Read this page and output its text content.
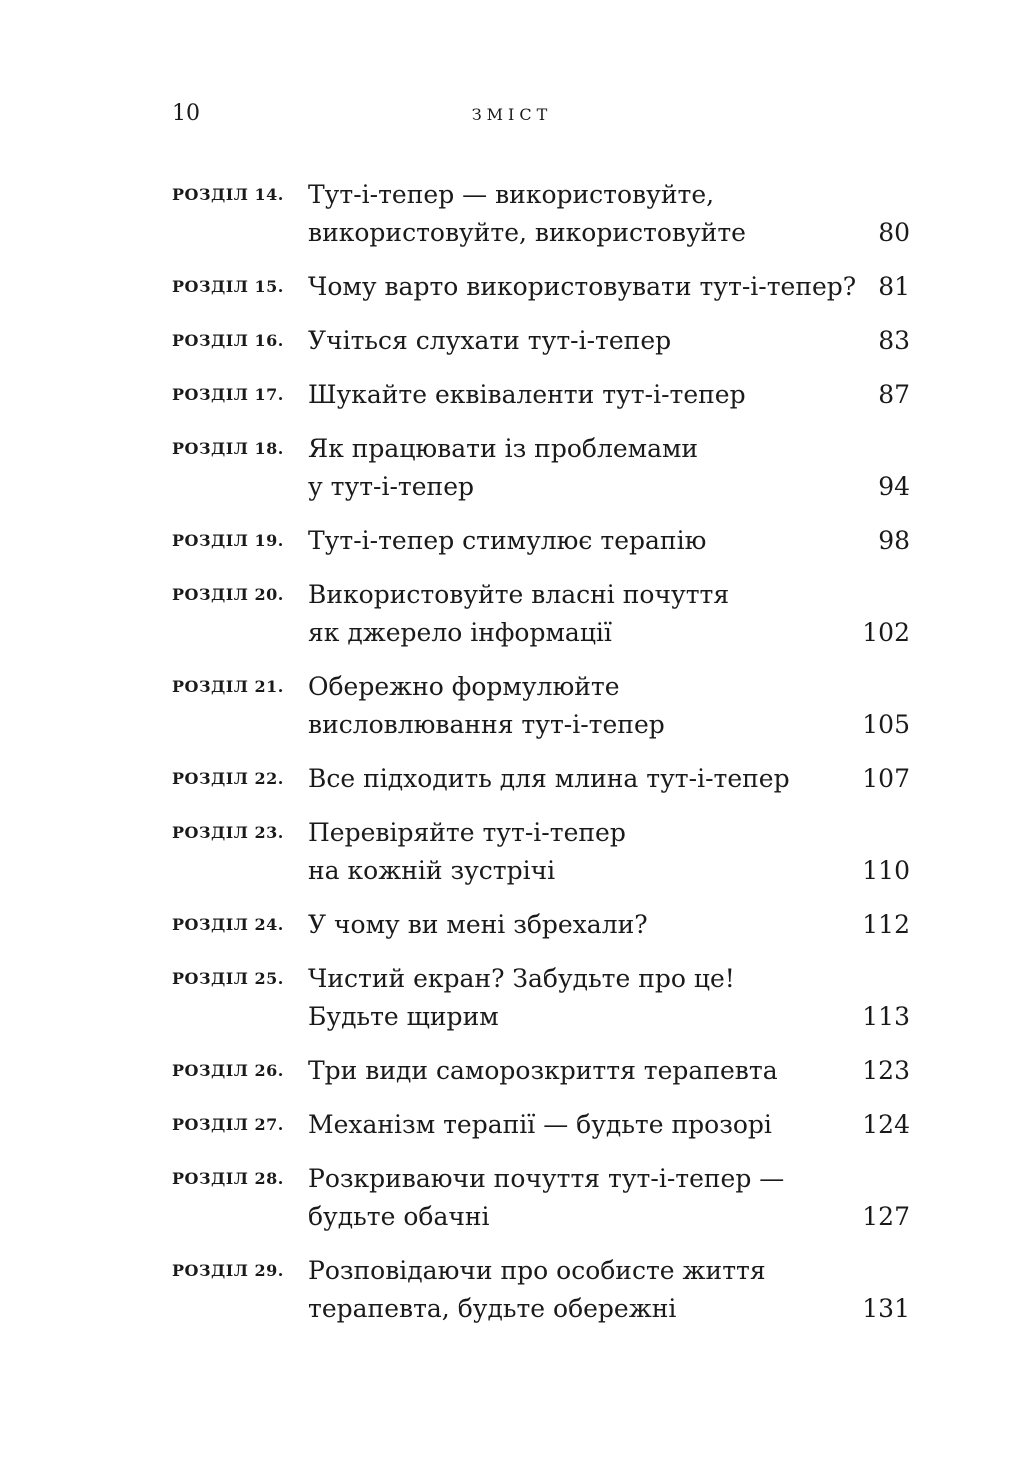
10	ЗМІСТ
РОЗДІЛ 14. Тут-і-тепер — використовуйте,
використовуйте, використовуйте	80
РОЗДІЛ 15. Чому варто використовувати тут-і-тепер? 81
РОЗДІЛ 16. Учіться слухати тут-і-тепер	83
РОЗДІЛ 17. Шукайте еквіваленти тут-і-тепер	87
РОЗДІЛ 18. Як працювати із проблемами
у тут-і-тепер	94
РОЗДІЛ 19. Тут-і-тепер стимулює терапію	98
РОЗДІЛ 20. Використовуйте власні почуття
як джерело інформації	102
РОЗДІЛ 21. Обережно формулюйте
висловлювання тут-і-тепер	105
РОЗДІЛ 22. Все підходить для млина тут-і-тепер	107
РОЗДІЛ 23. Перевіряйте тут-і-тепер
на кожній зустрічі	110
РОЗДІЛ 24. У чому ви мені збрехали?	112
РОЗДІЛ 25. Чистий екран? Забудьте про це!
Будьте щирим	113
РОЗДІЛ 26. Три види саморозкриття терапевта	123
РОЗДІЛ 27. Механізм терапії — будьте прозорі	124
РОЗДІЛ 28. Розкриваючи почуття тут-і-тепер —
будьте обачні	127
РОЗДІЛ 29. Розповідаючи про особисте життя
терапевта, будьте обережні	131
